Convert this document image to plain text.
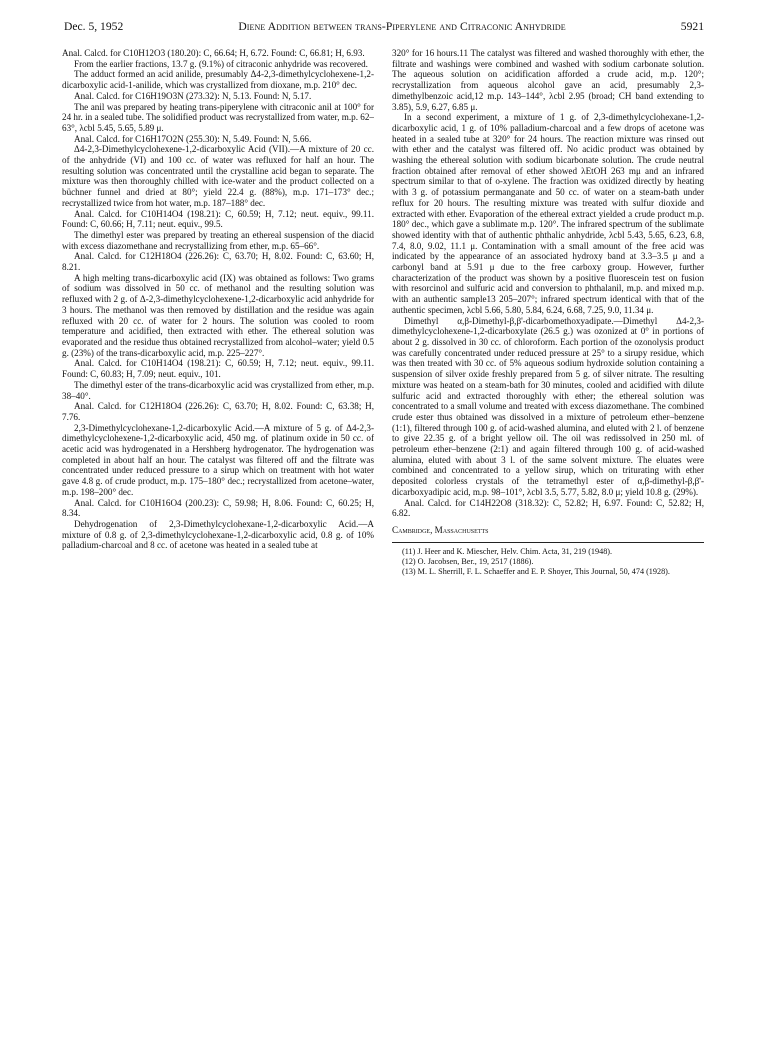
Dec. 5, 1952	Diene Addition between trans-Piperylene and Citraconic Anhydride	5921

Anal. Calcd. for C10H12O3 (180.20): C, 66.64; H, 6.72. Found: C, 66.81; H, 6.93.

From the earlier fractions, 13.7 g. (9.1%) of citraconic anhydride was recovered.

The adduct formed an acid anilide, presumably Δ4-2,3-dimethylcyclohexene-1,2-dicarboxylic acid-1-anilide, which was crystallized from dioxane, m.p. 210° dec.

Anal. Calcd. for C16H19O3N (273.32): N, 5.13. Found: N, 5.17.

The anil was prepared by heating trans-piperylene with citraconic anil at 100° for 24 hr. in a sealed tube. The solidified product was recrystallized from water, m.p. 62–63°, λcbl 5.45, 5.65, 5.89 μ.

Anal. Calcd. for C16H17O2N (255.30): N, 5.49. Found: N, 5.66.

Δ4-2,3-Dimethylcyclohexene-1,2-dicarboxylic Acid (VII).—A mixture of 20 cc. of the anhydride (VI) and 100 cc. of water was refluxed for half an hour. The resulting solution was concentrated until the crystalline acid began to separate. The mixture was then thoroughly chilled with ice-water and the product collected on a büchner funnel and dried at 80°; yield 22.4 g. (88%), m.p. 171–173° dec.; recrystallized twice from hot water, m.p. 187–188° dec.

Anal. Calcd. for C10H14O4 (198.21): C, 60.59; H, 7.12; neut. equiv., 99.11. Found: C, 60.66; H, 7.11; neut. equiv., 99.5.

The dimethyl ester was prepared by treating an ethereal suspension of the diacid with excess diazomethane and recrystallizing from ether, m.p. 65–66°.

Anal. Calcd. for C12H18O4 (226.26): C, 63.70; H, 8.02. Found: C, 63.60; H, 8.21.

A high melting trans-dicarboxylic acid (IX) was obtained as follows: Two grams of sodium was dissolved in 50 cc. of methanol and the resulting solution was refluxed with 2 g. of Δ-2,3-dimethylcyclohexene-1,2-dicarboxylic acid anhydride for 3 hours. The methanol was then removed by distillation and the residue was again refluxed with 20 cc. of water for 2 hours. The solution was cooled to room temperature and acidified, then extracted with ether. The ethereal solution was evaporated and the residue thus obtained recrystallized from alcohol–water; yield 0.5 g. (23%) of the trans-dicarboxylic acid, m.p. 225–227°.

Anal. Calcd. for C10H14O4 (198.21): C, 60.59; H, 7.12; neut. equiv., 99.11. Found: C, 60.83; H, 7.09; neut. equiv., 101.

The dimethyl ester of the trans-dicarboxylic acid was crystallized from ether, m.p. 38–40°.

Anal. Calcd. for C12H18O4 (226.26): C, 63.70; H, 8.02. Found: C, 63.38; H, 7.76.

2,3-Dimethylcyclohexane-1,2-dicarboxylic Acid.—A mixture of 5 g. of Δ4-2,3-dimethylcyclohexene-1,2-dicarboxylic acid, 450 mg. of platinum oxide in 50 cc. of acetic acid was hydrogenated in a Hershberg hydrogenator. The hydrogenation was completed in about half an hour. The catalyst was filtered off and the filtrate was concentrated under reduced pressure to a sirup which on treatment with hot water gave 4.8 g. of crude product, m.p. 175–180° dec.; recrystallized from acetone–water, m.p. 198–200° dec.

Anal. Calcd. for C10H16O4 (200.23): C, 59.98; H, 8.06. Found: C, 60.25; H, 8.34.

Dehydrogenation of 2,3-Dimethylcyclohexane-1,2-dicarboxylic Acid.—A mixture of 0.8 g. of 2,3-dimethylcyclohexane-1,2-dicarboxylic acid, 0.8 g. of 10% palladium-charcoal and 8 cc. of acetone was heated in a sealed tube at

320° for 16 hours.11 The catalyst was filtered and washed thoroughly with ether, the filtrate and washings were combined and washed with sodium carbonate solution. The aqueous solution on acidification afforded a crude acid, m.p. 120°; recrystallization from aqueous alcohol gave an acid, presumably 2,3-dimethylbenzoic acid,12 m.p. 143–144°, λcbl 2.95 (broad; CH band extending to 3.85), 5.9, 6.27, 6.85 μ.

In a second experiment, a mixture of 1 g. of 2,3-dimethylcyclohexane-1,2-dicarboxylic acid, 1 g. of 10% palladium-charcoal and a few drops of acetone was heated in a sealed tube at 320° for 24 hours. The reaction mixture was rinsed out with ether and the catalyst was filtered off. No acidic product was obtained by washing the ethereal solution with sodium bicarbonate solution. The crude neutral fraction obtained after removal of ether showed λEtOH 263 mμ and an infrared spectrum similar to that of o-xylene. The fraction was oxidized directly by heating with 3 g. of potassium permanganate and 50 cc. of water on a steam-bath under reflux for 20 hours. The resulting mixture was treated with sulfur dioxide and extracted with ether. Evaporation of the ethereal extract yielded a crude product m.p. 180° dec., which gave a sublimate m.p. 120°. The infrared spectrum of the sublimate showed identity with that of authentic phthalic anhydride, λcbl 5.43, 5.65, 6.23, 6.8, 7.4, 8.0, 9.02, 11.1 μ. Contamination with a small amount of the free acid was indicated by the appearance of an associated hydroxy band at 3.3–3.5 μ and a carbonyl band at 5.91 μ due to the free carboxy group. However, further characterization of the product was shown by a positive fluorescein test on fusion with resorcinol and sulfuric acid and conversion to phthalanil, m.p. and mixed m.p. with an authentic sample13 205–207°; infrared spectrum identical with that of the authentic specimen, λcbl 5.66, 5.80, 5.84, 6.24, 6.68, 7.25, 9.0, 11.34 μ.

Dimethyl α,β-Dimethyl-β,β'-dicarbomethoxyadipate.—Dimethyl Δ4-2,3-dimethylcyclohexene-1,2-dicarboxylate (26.5 g.) was ozonized at 0° in portions of about 2 g. dissolved in 30 cc. of chloroform. Each portion of the ozonolysis product was carefully concentrated under reduced pressure at 25° to a sirupy residue, which was then treated with 30 cc. of 5% aqueous sodium hydroxide solution containing a suspension of silver oxide freshly prepared from 5 g. of silver nitrate. The resulting mixture was heated on a steam-bath for 30 minutes, cooled and acidified with dilute sulfuric acid and extracted thoroughly with ether; the ethereal solution was concentrated to a small volume and treated with excess diazomethane. The combined crude ester thus obtained was dissolved in a mixture of petroleum ether–benzene (1:1), filtered through 100 g. of acid-washed alumina, and eluted with 2 l. of benzene to give 22.35 g. of a bright yellow oil. The oil was redissolved in 250 ml. of petroleum ether–benzene (2:1) and again filtered through 100 g. of acid-washed alumina, eluted with about 3 l. of the same solvent mixture. The eluates were combined and concentrated to a yellow sirup, which on triturating with ether deposited colorless crystals of the tetramethyl ester of α,β-dimethyl-β,β'-dicarboxyadipic acid, m.p. 98–101°, λcbl 3.5, 5.77, 5.82, 8.0 μ; yield 10.8 g. (29%).

Anal. Calcd. for C14H22O8 (318.32): C, 52.82; H, 6.97. Found: C, 52.82; H, 6.82.

Cambridge, Massachusetts

(11) J. Heer and K. Miescher, Helv. Chim. Acta, 31, 219 (1948).
(12) O. Jacobsen, Ber., 19, 2517 (1886).
(13) M. L. Sherrill, F. L. Schaeffer and E. P. Shoyer, This Journal, 50, 474 (1928).
